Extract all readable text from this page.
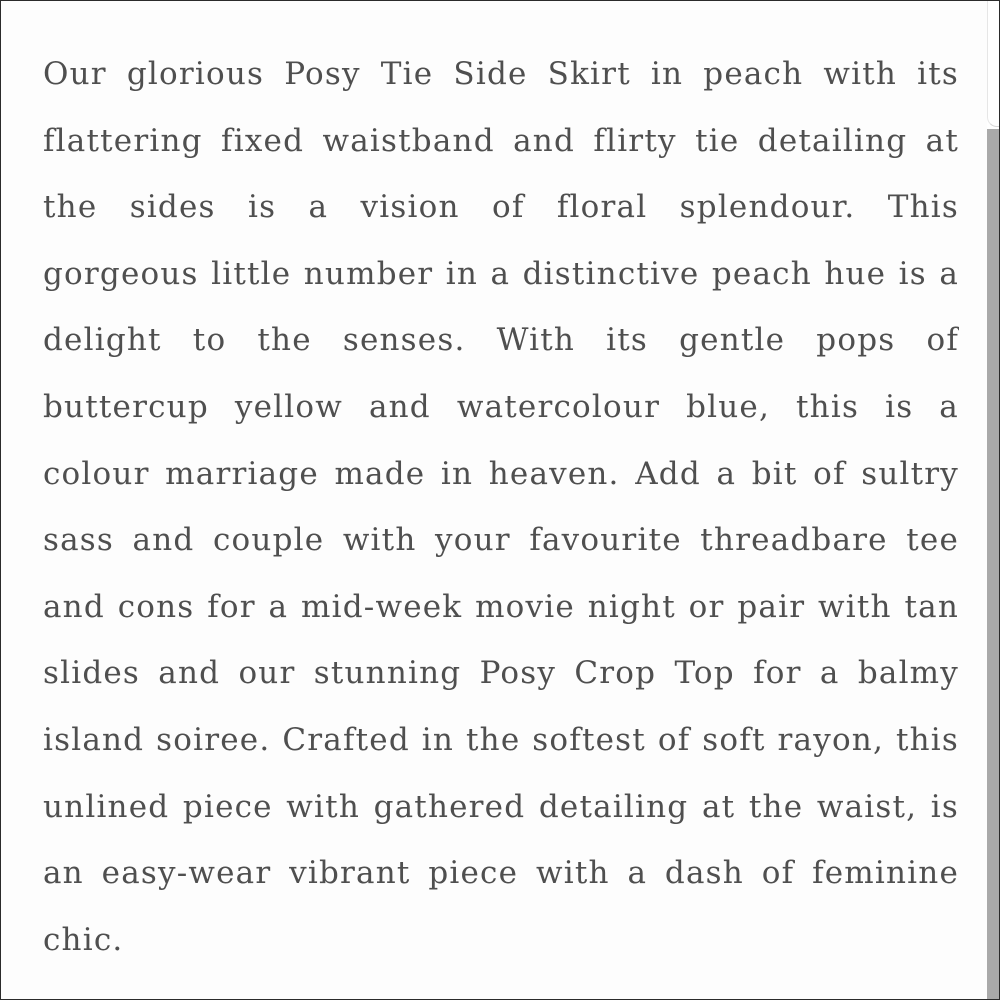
Our glorious Posy Tie Side Skirt in peach with its

flattering fixed waistband and flirty tie detailing at

the sides is a vision of floral splendour. This

gorgeous little number in a distinctive peach hue is a

delight to the senses. With its gentle pops of

buttercup yellow and watercolour blue, this is a

colour marriage made in heaven. Add a bit of sultry

sass and couple with your favourite threadbare tee

and cons for a mid-week movie night or pair with tan

slides and our stunning Posy Crop Top for a balmy

island soiree. Crafted in the softest of soft rayon, this

unlined piece with gathered detailing at the waist, is

an easy-wear vibrant piece with a dash of feminine

chic.
